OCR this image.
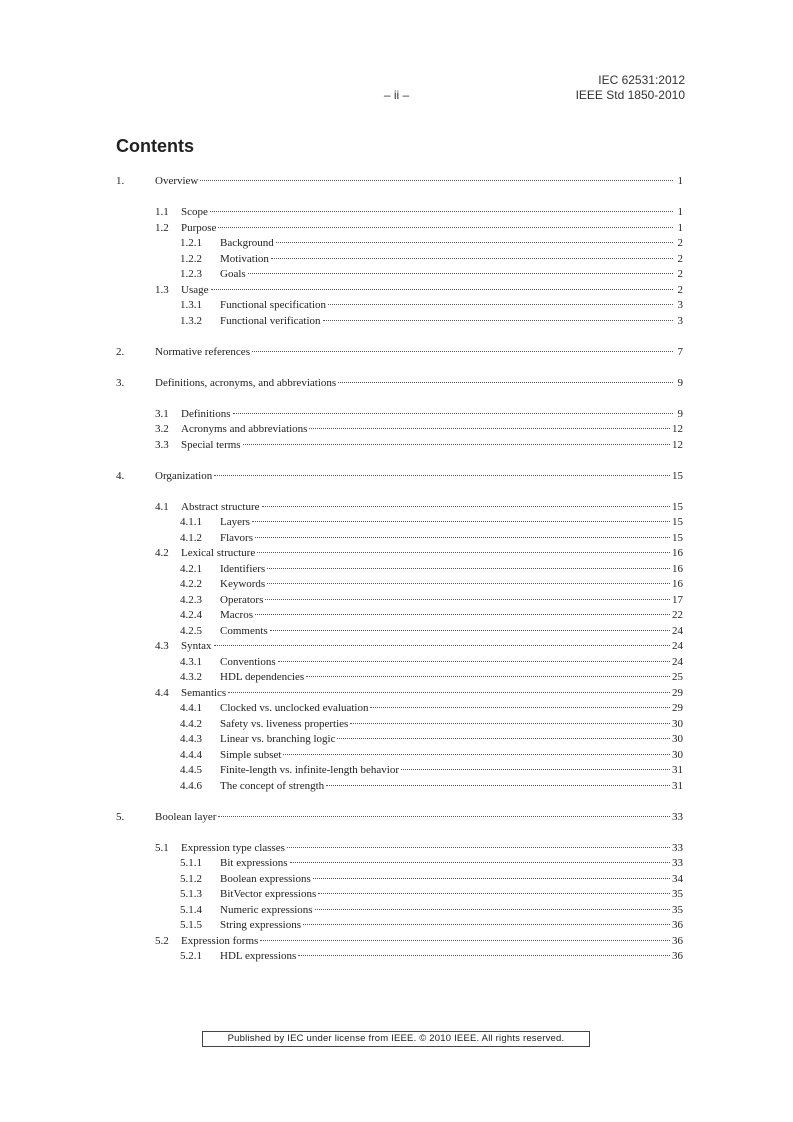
IEC 62531:2012
IEEE Std 1850-2010
– ii –
Contents
1.	Overview	1
1.1 Scope	1
1.2 Purpose	1
1.2.1 Background	2
1.2.2 Motivation	2
1.2.3 Goals	2
1.3 Usage	2
1.3.1 Functional specification	3
1.3.2 Functional verification	3
2.	Normative references	7
3.	Definitions, acronyms, and abbreviations	9
3.1 Definitions	9
3.2 Acronyms and abbreviations	12
3.3 Special terms	12
4.	Organization	15
4.1 Abstract structure	15
4.1.1 Layers	15
4.1.2 Flavors	15
4.2 Lexical structure	16
4.2.1 Identifiers	16
4.2.2 Keywords	16
4.2.3 Operators	17
4.2.4 Macros	22
4.2.5 Comments	24
4.3 Syntax	24
4.3.1 Conventions	24
4.3.2 HDL dependencies	25
4.4 Semantics	29
4.4.1 Clocked vs. unclocked evaluation	29
4.4.2 Safety vs. liveness properties	30
4.4.3 Linear vs. branching logic	30
4.4.4 Simple subset	30
4.4.5 Finite-length vs. infinite-length behavior	31
4.4.6 The concept of strength	31
5.	Boolean layer	33
5.1 Expression type classes	33
5.1.1 Bit expressions	33
5.1.2 Boolean expressions	34
5.1.3 BitVector expressions	35
5.1.4 Numeric expressions	35
5.1.5 String expressions	36
5.2 Expression forms	36
5.2.1 HDL expressions	36
Published by IEC under license from IEEE. © 2010 IEEE. All rights reserved.
